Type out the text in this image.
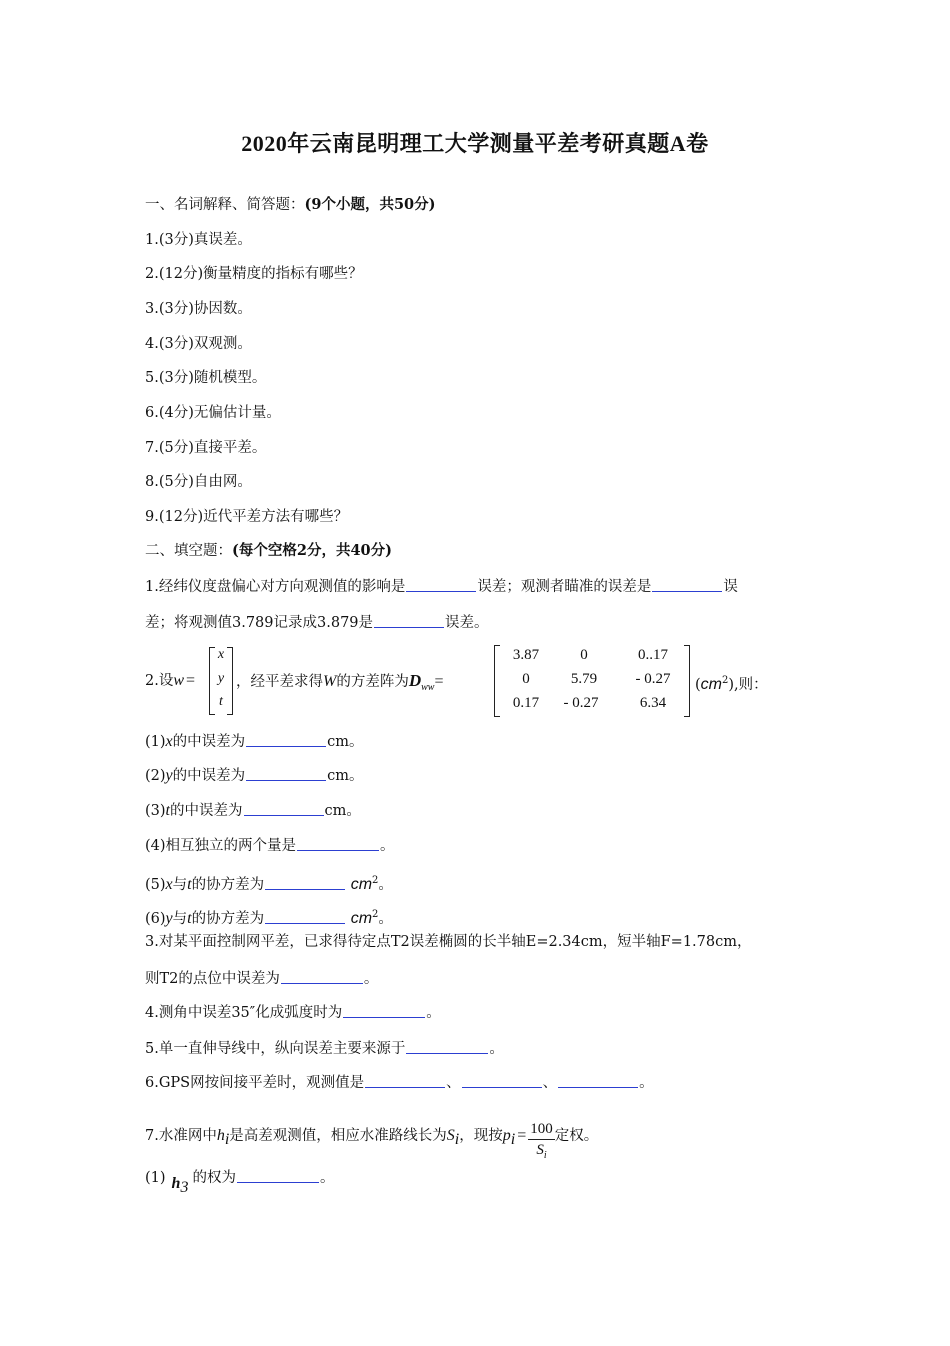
2020年云南昆明理工大学测量平差考研真题A卷
一、名词解释、简答题：(9个小题，共50分)
1.(3分)真误差。
2.(12分)衡量精度的指标有哪些？
3.(3分)协因数。
4.(3分)双观测。
5.(3分)随机模型。
6.(4分)无偏估计量。
7.(5分)直接平差。
8.(5分)自由网。
9.(12分)近代平差方法有哪些？
二、填空题：(每个空格2分，共40分)
1.经纬仪度盘偏心对方向观测值的影响是	误差；观测者瞄准的误差是	误
差；将观测值3.789记录成3.879是	误差。
2.设w =
x
y
t
，经平差求得W的方差阵为$D_{ww}=$
3.87	0	0..17
0	5.79	- 0.27
0.17	- 0.27	6.34
$(cm^2)$,则：
(1)x的中误差为	cm。
(2)y的中误差为	cm。
(3)t的中误差为	cm。
(4)相互独立的两个量是	。
(5)x与t的协方差为	$cm^2$。
(6)y与t的协方差为	$cm^2$。
3.对某平面控制网平差，已求得待定点T2误差椭圆的长半轴E=2.34cm，短半轴F=1.78cm，
则T2的点位中误差为	。
4.测角中误差35″化成弧度时为	。
5.单一直伸导线中，纵向误差主要来源于	。
6.GPS网按间接平差时，观测值是	、	、	。
7.水准网中$h_i$是高差观测值，相应水准路线长为$S_i$，现按$p_i = \frac{100}{S_i}$ 定权。
(1) $h_3$的权为	。
